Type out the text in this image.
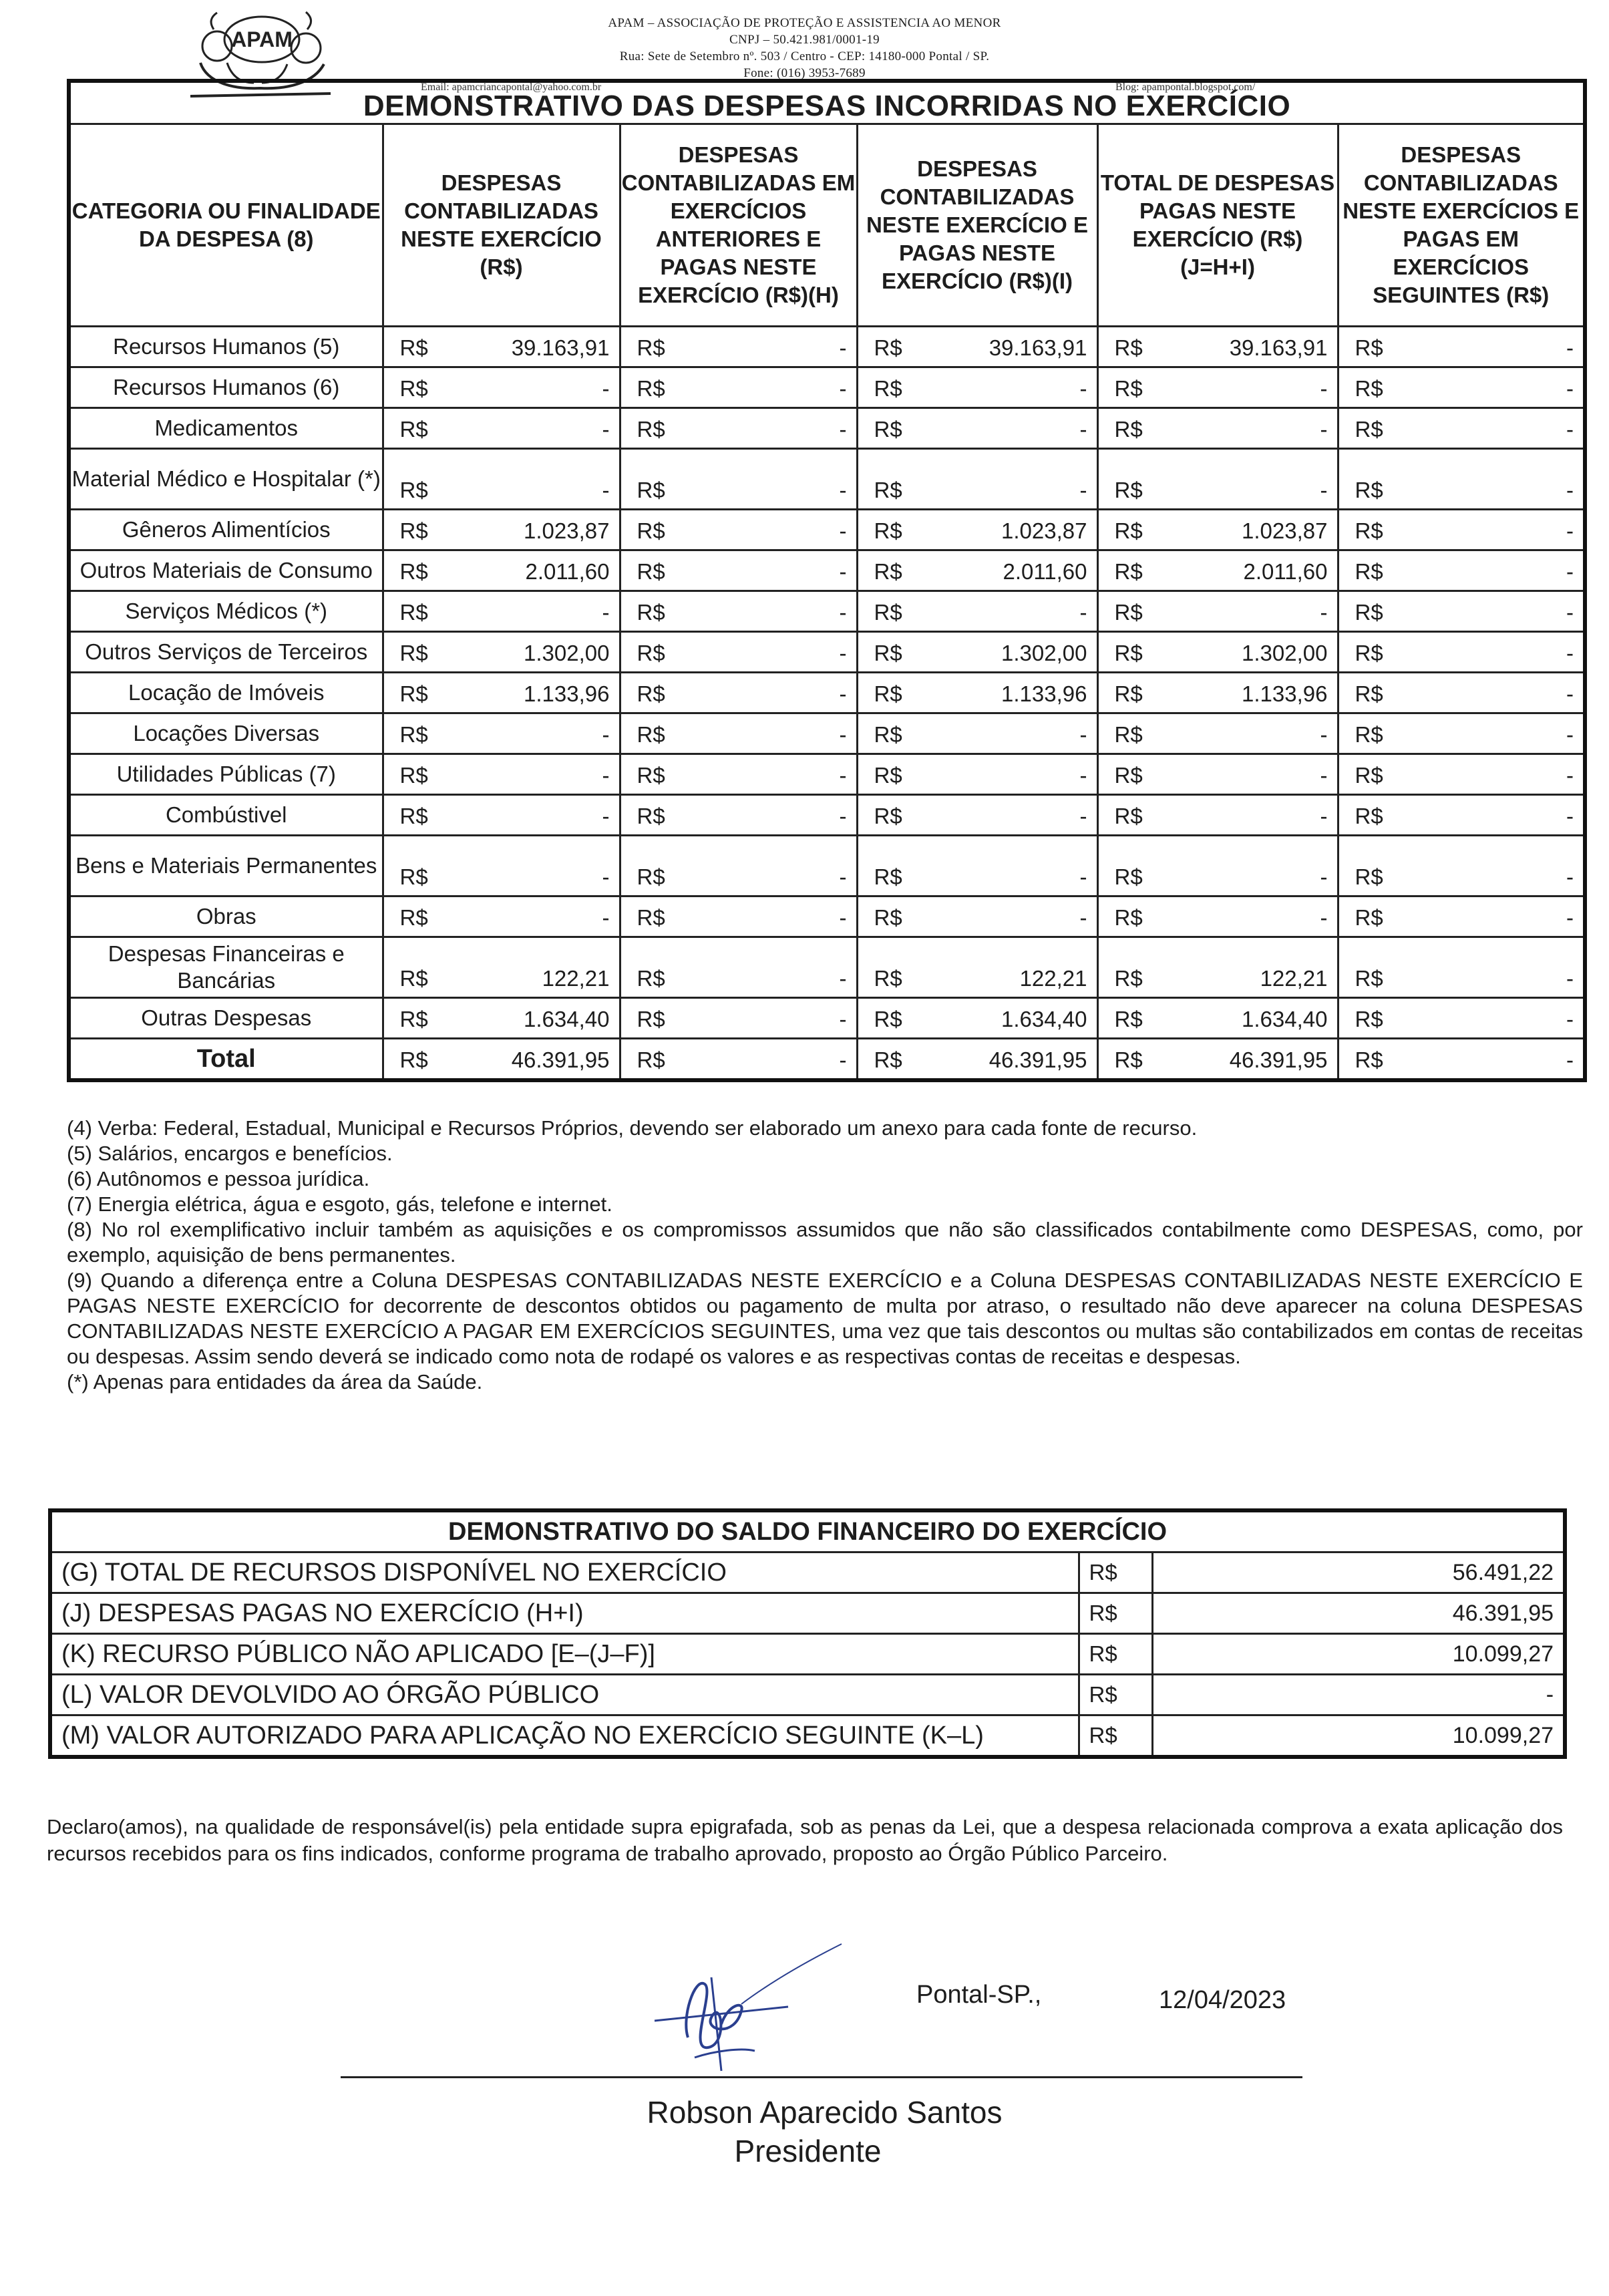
APAM
APAM – ASSOCIAÇÃO DE PROTEÇÃO E ASSISTENCIA AO MENOR
CNPJ – 50.421.981/0001-19
Rua: Sete de Setembro nº. 503 / Centro - CEP: 14180-000 Pontal / SP.
Fone: (016) 3953-7689
Email: apamcriancapontal@yahoo.com.br	Blog: apampontal.blogspot.com/
DEMONSTRATIVO DAS DESPESAS INCORRIDAS NO EXERCÍCIO					
CATEGORIA OU FINALIDADE DA DESPESA (8)	DESPESAS CONTABILIZADAS NESTE EXERCÍCIO (R$)	DESPESAS CONTABILIZADAS EM EXERCÍCIOS ANTERIORES E PAGAS NESTE EXERCÍCIO (R$)(H)	DESPESAS CONTABILIZADAS NESTE EXERCÍCIO E PAGAS NESTE EXERCÍCIO (R$)(I)	TOTAL DE DESPESAS PAGAS NESTE EXERCÍCIO (R$)(J=H+I)	DESPESAS CONTABILIZADAS NESTE EXERCÍCIOS E PAGAS EM EXERCÍCIOS SEGUINTES (R$)
Recursos Humanos (5)	R$ 39.163,91	R$ -	R$ 39.163,91	R$ 39.163,91	R$ -

Recursos Humanos (6)	R$ -	R$ -	R$ -	R$ -	R$ -

Medicamentos	R$ -	R$ -	R$ -	R$ -	R$ -

Material Médico e Hospitalar (*)	R$ -	R$ -	R$ -	R$ -	R$ -

Gêneros Alimentícios	R$ 1.023,87	R$ -	R$ 1.023,87	R$ 1.023,87	R$ -

Outros Materiais de Consumo	R$ 2.011,60	R$ -	R$ 2.011,60	R$ 2.011,60	R$ -

Serviços Médicos (*)	R$ -	R$ -	R$ -	R$ -	R$ -

Outros Serviços de Terceiros	R$ 1.302,00	R$ -	R$ 1.302,00	R$ 1.302,00	R$ -

Locação de Imóveis	R$ 1.133,96	R$ -	R$ 1.133,96	R$ 1.133,96	R$ -

Locações Diversas	R$ -	R$ -	R$ -	R$ -	R$ -

Utilidades Públicas (7)	R$ -	R$ -	R$ -	R$ -	R$ -

Combústivel	R$ -	R$ -	R$ -	R$ -	R$ -

Bens e Materiais Permanentes	R$ -	R$ -	R$ -	R$ -	R$ -

Obras	R$ -	R$ -	R$ -	R$ -	R$ -

Despesas Financeiras e Bancárias	R$ 122,21	R$ -	R$ 122,21	R$ 122,21	R$ -

Outras Despesas	R$ 1.634,40	R$ -	R$ 1.634,40	R$ 1.634,40	R$ -

Total	R$ 46.391,95	R$ -	R$ 46.391,95	R$ 46.391,95	R$ -

(4) Verba: Federal, Estadual, Municipal e Recursos Próprios, devendo ser elaborado um anexo para cada fonte de recurso.

(5) Salários, encargos e benefícios.

(6) Autônomos e pessoa jurídica.

(7) Energia elétrica, água e esgoto, gás, telefone e internet.

(8) No rol exemplificativo incluir também as aquisições e os compromissos assumidos que não são classificados contabilmente como DESPESAS, como, por exemplo, aquisição de bens permanentes.

(9) Quando a diferença entre a Coluna DESPESAS CONTABILIZADAS NESTE EXERCÍCIO e a Coluna DESPESAS CONTABILIZADAS NESTE EXERCÍCIO E PAGAS NESTE EXERCÍCIO for decorrente de descontos obtidos ou pagamento de multa por atraso, o resultado não deve aparecer na coluna DESPESAS CONTABILIZADAS NESTE EXERCÍCIO A PAGAR EM EXERCÍCIOS SEGUINTES, uma vez que tais descontos ou multas são contabilizados em contas de receitas ou despesas. Assim sendo deverá se indicado como nota de rodapé os valores e as respectivas contas de receitas e despesas.

(*) Apenas para entidades da área da Saúde.

DEMONSTRATIVO DO SALDO FINANCEIRO DO EXERCÍCIO		
(G) TOTAL DE RECURSOS DISPONÍVEL NO EXERCÍCIO	R$	56.491,22
(J) DESPESAS PAGAS NO EXERCÍCIO (H+I)	R$	46.391,95
(K) RECURSO PÚBLICO NÃO APLICADO [E–(J–F)]	R$	10.099,27
(L) VALOR DEVOLVIDO AO ÓRGÃO PÚBLICO	R$	-
(M) VALOR AUTORIZADO PARA APLICAÇÃO NO EXERCÍCIO SEGUINTE (K–L)	R$	10.099,27
Declaro(amos), na qualidade de responsável(is) pela entidade supra epigrafada, sob as penas da Lei, que a despesa relacionada comprova a exata aplicação dos recursos recebidos para os fins indicados, conforme programa de trabalho aprovado, proposto ao Órgão Público Parceiro.
Pontal-SP.,	12/04/2023
Robson Aparecido Santos
Presidente
